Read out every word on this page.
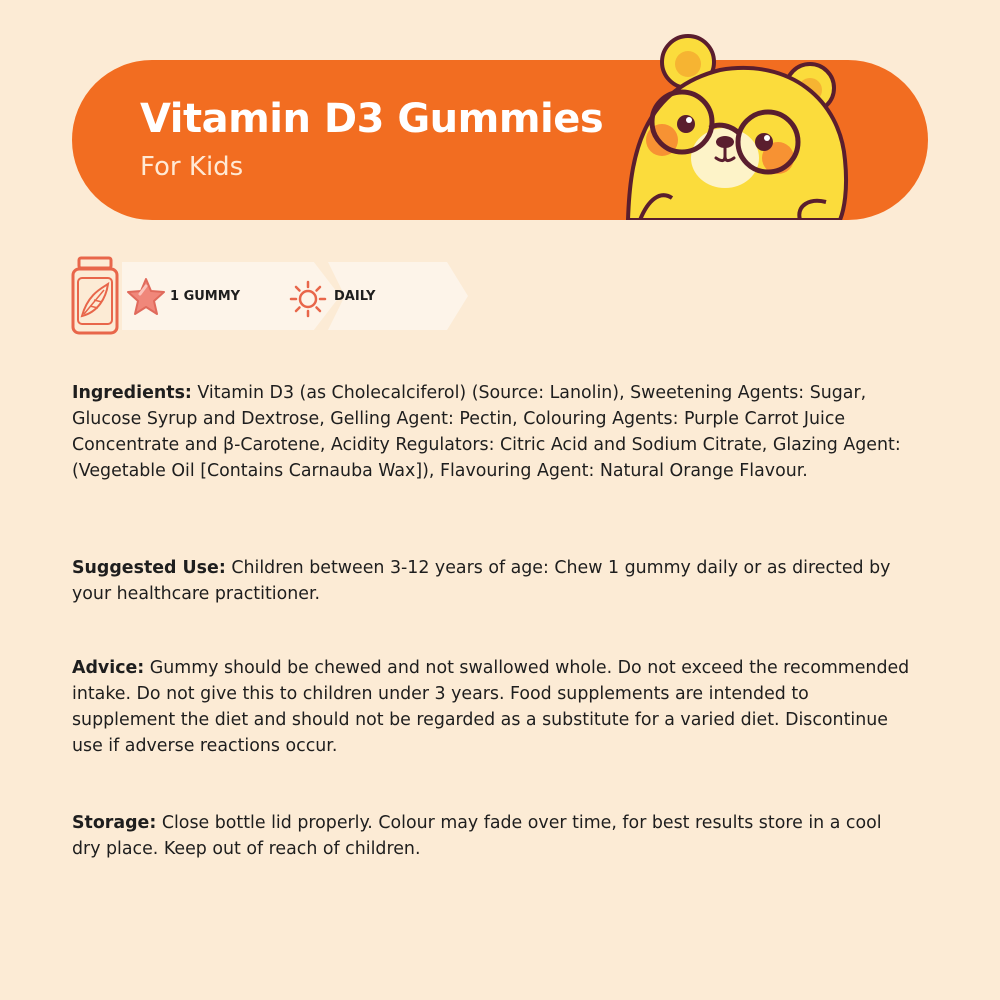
Vitamin D3 Gummies
For Kids
1 GUMMY	DAILY
Ingredients: Vitamin D3 (as Cholecalciferol) (Source: Lanolin), Sweetening Agents: Sugar, Glucose Syrup and Dextrose, Gelling Agent: Pectin, Colouring Agents: Purple Carrot Juice Concentrate and β-Carotene, Acidity Regulators: Citric Acid and Sodium Citrate, Glazing Agent: (Vegetable Oil [Contains Carnauba Wax]), Flavouring Agent: Natural Orange Flavour.
Suggested Use: Children between 3-12 years of age: Chew 1 gummy daily or as directed by your healthcare practitioner.
Advice: Gummy should be chewed and not swallowed whole. Do not exceed the recommended intake. Do not give this to children under 3 years. Food supplements are intended to supplement the diet and should not be regarded as a substitute for a varied diet. Discontinue use if adverse reactions occur.
Storage: Close bottle lid properly. Colour may fade over time, for best results store in a cool dry place. Keep out of reach of children.
